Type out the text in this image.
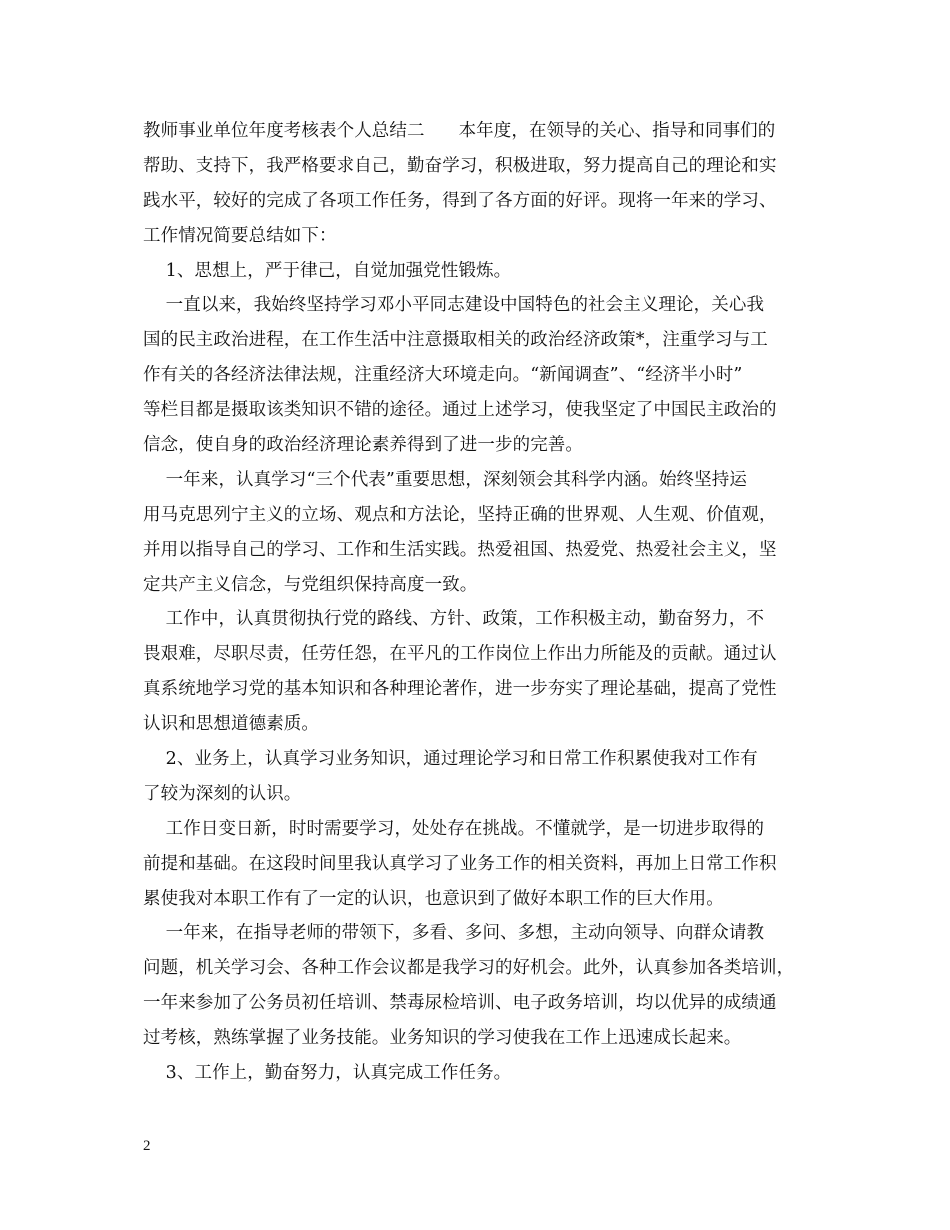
教师事业单位年度考核表个人总结二      本年度，在领导的关心、指导和同事们的
帮助、支持下，我严格要求自己，勤奋学习，积极进取，努力提高自己的理论和实
践水平，较好的完成了各项工作任务，得到了各方面的好评。现将一年来的学习、
工作情况简要总结如下：
1、思想上，严于律己，自觉加强党性锻炼。
一直以来，我始终坚持学习邓小平同志建设中国特色的社会主义理论，关心我
国的民主政治进程，在工作生活中注意摄取相关的政治经济政策*，注重学习与工
作有关的各经济法律法规，注重经济大环境走向。“新闻调查”、“经济半小时”
等栏目都是摄取该类知识不错的途径。通过上述学习，使我坚定了中国民主政治的
信念，使自身的政治经济理论素养得到了进一步的完善。
一年来，认真学习“三个代表”重要思想，深刻领会其科学内涵。始终坚持运
用马克思列宁主义的立场、观点和方法论，坚持正确的世界观、人生观、价值观，
并用以指导自己的学习、工作和生活实践。热爱祖国、热爱党、热爱社会主义，坚
定共产主义信念，与党组织保持高度一致。
工作中，认真贯彻执行党的路线、方针、政策，工作积极主动，勤奋努力，不
畏艰难，尽职尽责，任劳任怨，在平凡的工作岗位上作出力所能及的贡献。通过认
真系统地学习党的基本知识和各种理论著作，进一步夯实了理论基础，提高了党性
认识和思想道德素质。
2、业务上，认真学习业务知识，通过理论学习和日常工作积累使我对工作有
了较为深刻的认识。
工作日变日新，时时需要学习，处处存在挑战。不懂就学，是一切进步取得的
前提和基础。在这段时间里我认真学习了业务工作的相关资料，再加上日常工作积
累使我对本职工作有了一定的认识，也意识到了做好本职工作的巨大作用。
一年来，在指导老师的带领下，多看、多问、多想，主动向领导、向群众请教
问题，机关学习会、各种工作会议都是我学习的好机会。此外，认真参加各类培训，
一年来参加了公务员初任培训、禁毒尿检培训、电子政务培训，均以优异的成绩通
过考核，熟练掌握了业务技能。业务知识的学习使我在工作上迅速成长起来。
3、工作上，勤奋努力，认真完成工作任务。
2
